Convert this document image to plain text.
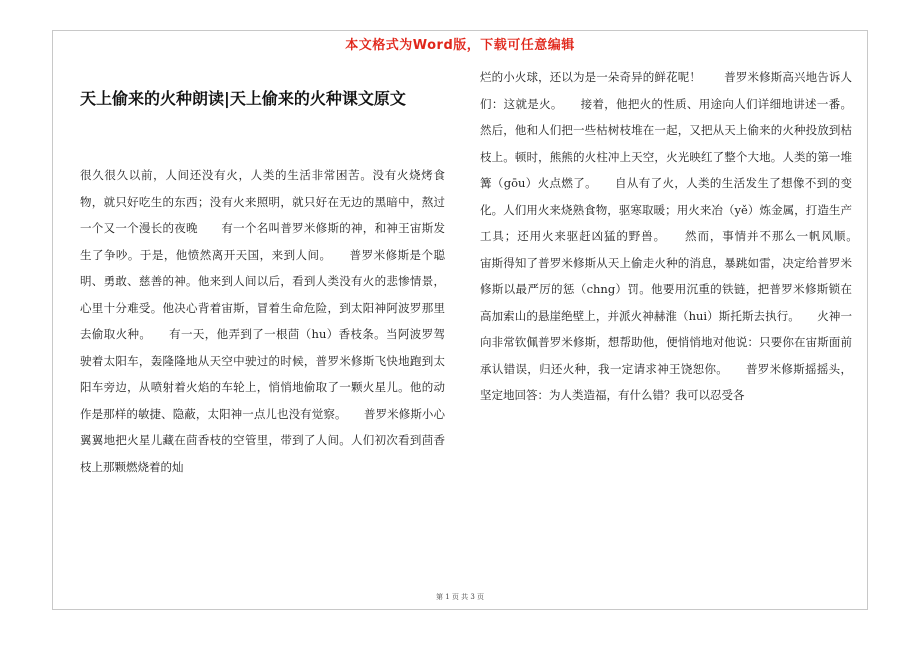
本文格式为Word版，下载可任意编辑
天上偷来的火种朗读|天上偷来的火种课文原文

很久很久以前，人间还没有火，人类的生活非常困苦。没有火烧烤食物，就只好吃生的东西；没有火来照明，就只好在无边的黑暗中，熬过一个又一个漫长的夜晚　　有一个名叫普罗米修斯的神，和神王宙斯发生了争吵。于是，他愤然离开天国，来到人间。　　普罗米修斯是个聪明、勇敢、慈善的神。他来到人间以后，看到人类没有火的悲惨情景，心里十分难受。他决心背着宙斯，冒着生命危险，到太阳神阿波罗那里去偷取火种。　　有一天，他弄到了一根茴（hu）香枝条。当阿波罗驾驶着太阳车，轰隆隆地从天空中驶过的时候，普罗米修斯飞快地跑到太阳车旁边，从喷射着火焰的车轮上，悄悄地偷取了一颗火星儿。他的动作是那样的敏捷、隐蔽，太阳神一点儿也没有觉察。　　普罗米修斯小心翼翼地把火星儿藏在茴香枝的空管里，带到了人间。人们初次看到茴香枝上那颗燃烧着的灿

烂的小火球，还以为是一朵奇异的鲜花呢！　　普罗米修斯高兴地告诉人们：这就是火。　　接着，他把火的性质、用途向人们详细地讲述一番。然后，他和人们把一些枯树枝堆在一起，又把从天上偷来的火种投放到枯枝上。顿时，熊熊的火柱冲上天空，火光映红了整个大地。人类的第一堆篝（gōu）火点燃了。　　自从有了火，人类的生活发生了想像不到的变化。人们用火来烧熟食物，驱寒取暖；用火来冶（yě）炼金属，打造生产工具；还用火来驱赶凶猛的野兽。　　然而，事情并不那么一帆风顺。　　宙斯得知了普罗米修斯从天上偷走火种的消息，暴跳如雷，决定给普罗米修斯以最严厉的惩（chng）罚。他要用沉重的铁链，把普罗米修斯锁在高加索山的悬崖绝壁上，并派火神赫淮（hui）斯托斯去执行。　　火神一向非常钦佩普罗米修斯，想帮助他，便悄悄地对他说：只要你在宙斯面前承认错误，归还火种，我一定请求神王饶恕你。　　普罗米修斯摇摇头，坚定地回答：为人类造福，有什么错？我可以忍受各

第 1 页 共 3 页
